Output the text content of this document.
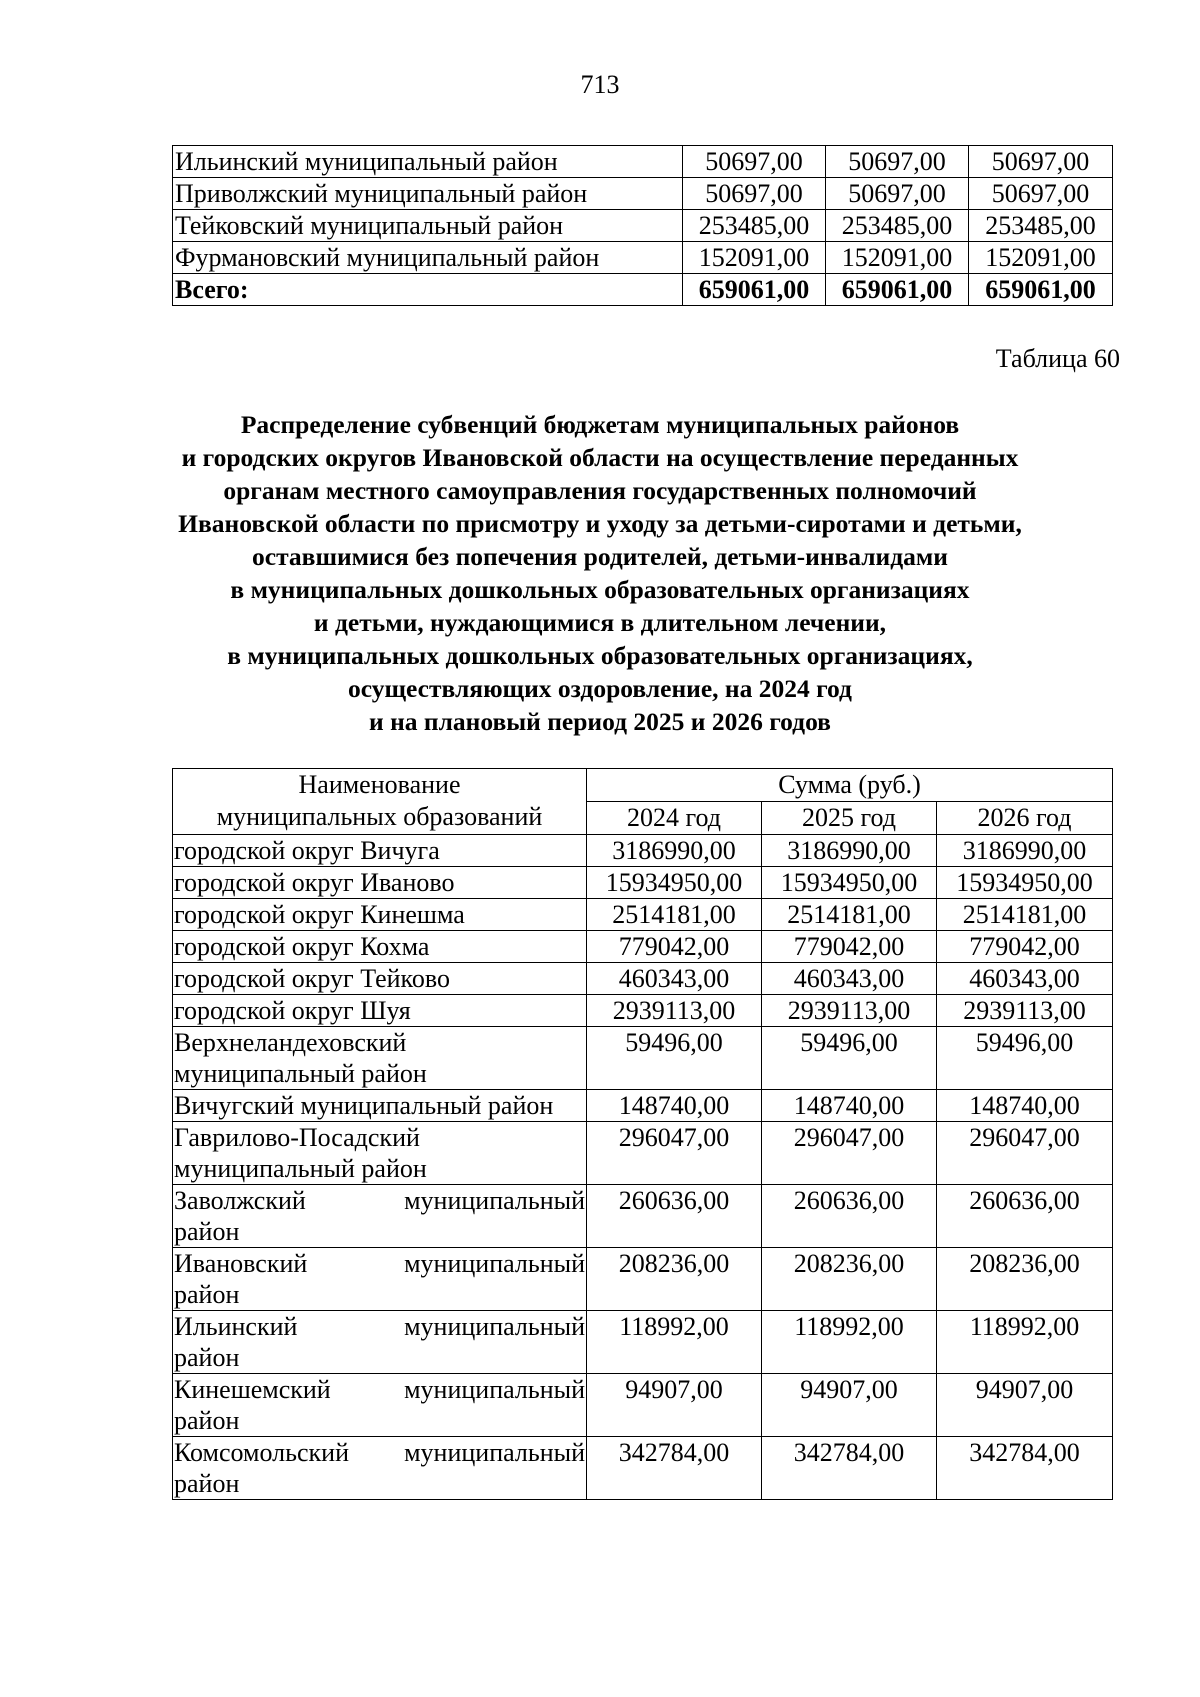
713
Ильинский муниципальный район	50697,00	50697,00	50697,00
Приволжский муниципальный район	50697,00	50697,00	50697,00
Тейковский муниципальный район	253485,00	253485,00	253485,00
Фурмановский муниципальный район	152091,00	152091,00	152091,00
Всего:	659061,00	659061,00	659061,00
Таблица 60
Распределение субвенций бюджетам муниципальных районов
и городских округов Ивановской области на осуществление переданных
органам местного самоуправления государственных полномочий
Ивановской области по присмотру и уходу за детьми-сиротами и детьми,
оставшимися без попечения родителей, детьми-инвалидами
в муниципальных дошкольных образовательных организациях
и детьми, нуждающимися в длительном лечении,
в муниципальных дошкольных образовательных организациях,
осуществляющих оздоровление, на 2024 год
и на плановый период 2025 и 2026 годов
Наименование
муниципальных образований	Сумма (руб.)		
	2024 год	2025 год	2026 год
городской округ Вичуга	3186990,00	3186990,00	3186990,00
городской округ Иваново	15934950,00	15934950,00	15934950,00
городской округ Кинешма	2514181,00	2514181,00	2514181,00
городской округ Кохма	779042,00	779042,00	779042,00
городской округ Тейково	460343,00	460343,00	460343,00
городской округ Шуя	2939113,00	2939113,00	2939113,00

Верхнеландеховский
муниципальный район	59496,00	59496,00	59496,00
Вичугский муниципальный район	148740,00	148740,00	148740,00

Гаврилово-Посадский
муниципальный район	296047,00	296047,00	296047,00

Заволжский муниципальный
район	260636,00	260636,00	260636,00

Ивановский муниципальный
район	208236,00	208236,00	208236,00

Ильинский муниципальный
район	118992,00	118992,00	118992,00

Кинешемский муниципальный
район	94907,00	94907,00	94907,00

Комсомольский муниципальный
район	342784,00	342784,00	342784,00
